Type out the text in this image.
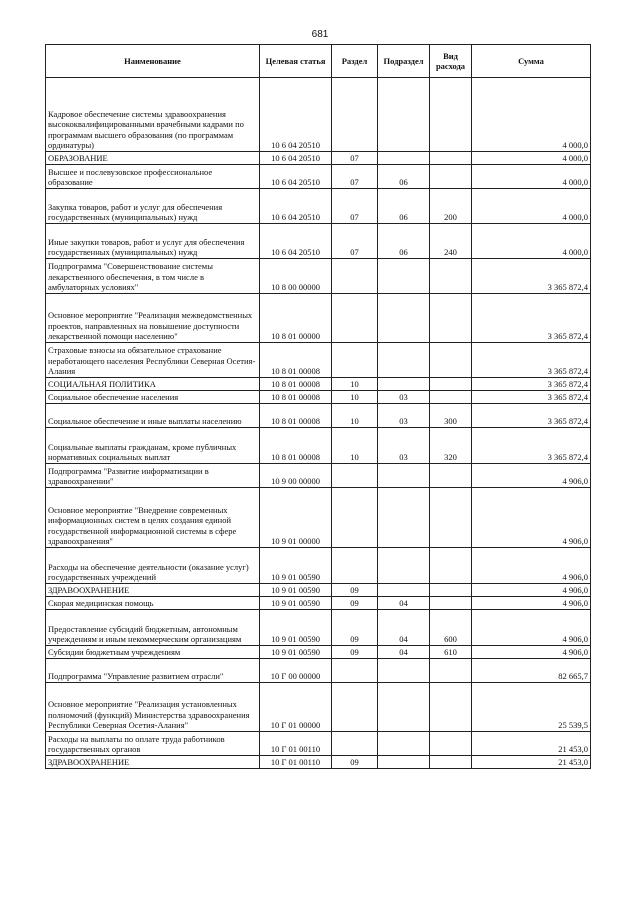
681
Наименование	Целевая статья	Раздел	Подраздел	Вид расхода	Сумма
Кадровое обеспечение системы здравоохранения высококвалифицированными врачебными кадрами по программам высшего образования (по программам ординатуры)	10 6 04 20510				4 000,0
ОБРАЗОВАНИЕ	10 6 04 20510	07			4 000,0
Высшее и послевузовское профессиональное образование	10 6 04 20510	07	06		4 000,0
Закупка товаров, работ и услуг для обеспечения государственных (муниципальных) нужд	10 6 04 20510	07	06	200	4 000,0
Иные закупки товаров, работ и услуг для обеспечения государственных (муниципальных) нужд	10 6 04 20510	07	06	240	4 000,0
Подпрограмма "Совершенствование системы лекарственного обеспечения, в том числе в амбулаторных условиях"	10 8 00 00000				3 365 872,4
Основное мероприятие "Реализация межведомственных проектов, направленных на повышение доступности лекарственной помощи населению"	10 8 01 00000				3 365 872,4
Страховые взносы на обязательное страхование неработающего населения Республики Северная Осетия-Алания	10 8 01 00008				3 365 872,4
СОЦИАЛЬНАЯ ПОЛИТИКА	10 8 01 00008	10			3 365 872,4
Социальное обеспечение населения	10 8 01 00008	10	03		3 365 872,4
Социальное обеспечение и иные выплаты населению	10 8 01 00008	10	03	300	3 365 872,4
Социальные выплаты гражданам, кроме публичных нормативных социальных выплат	10 8 01 00008	10	03	320	3 365 872,4
Подпрограмма "Развитие информатизации в здравоохранении"	10 9 00 00000				4 906,0
Основное мероприятие "Внедрение современных информационных систем в целях создания единой государственной информационной системы в сфере здравоохранения"	10 9 01 00000				4 906,0
Расходы на обеспечение деятельности (оказание услуг) государственных учреждений	10 9 01 00590				4 906,0
ЗДРАВООХРАНЕНИЕ	10 9 01 00590	09			4 906,0
Скорая медицинская помощь	10 9 01 00590	09	04		4 906,0
Предоставление субсидий бюджетным, автономным учреждениям и иным некоммерческим организациям	10 9 01 00590	09	04	600	4 906,0
Субсидии бюджетным учреждениям	10 9 01 00590	09	04	610	4 906,0
Подпрограмма "Управление развитием отрасли"	10 Г 00 00000				82 665,7
Основное мероприятие "Реализация установленных полномочий (функций) Министерства здравоохранения Республики Северная Осетия-Алания"	10 Г 01 00000				25 539,5
Расходы на выплаты по оплате труда работников государственных органов	10 Г 01 00110				21 453,0
ЗДРАВООХРАНЕНИЕ	10 Г 01 00110	09			21 453,0
